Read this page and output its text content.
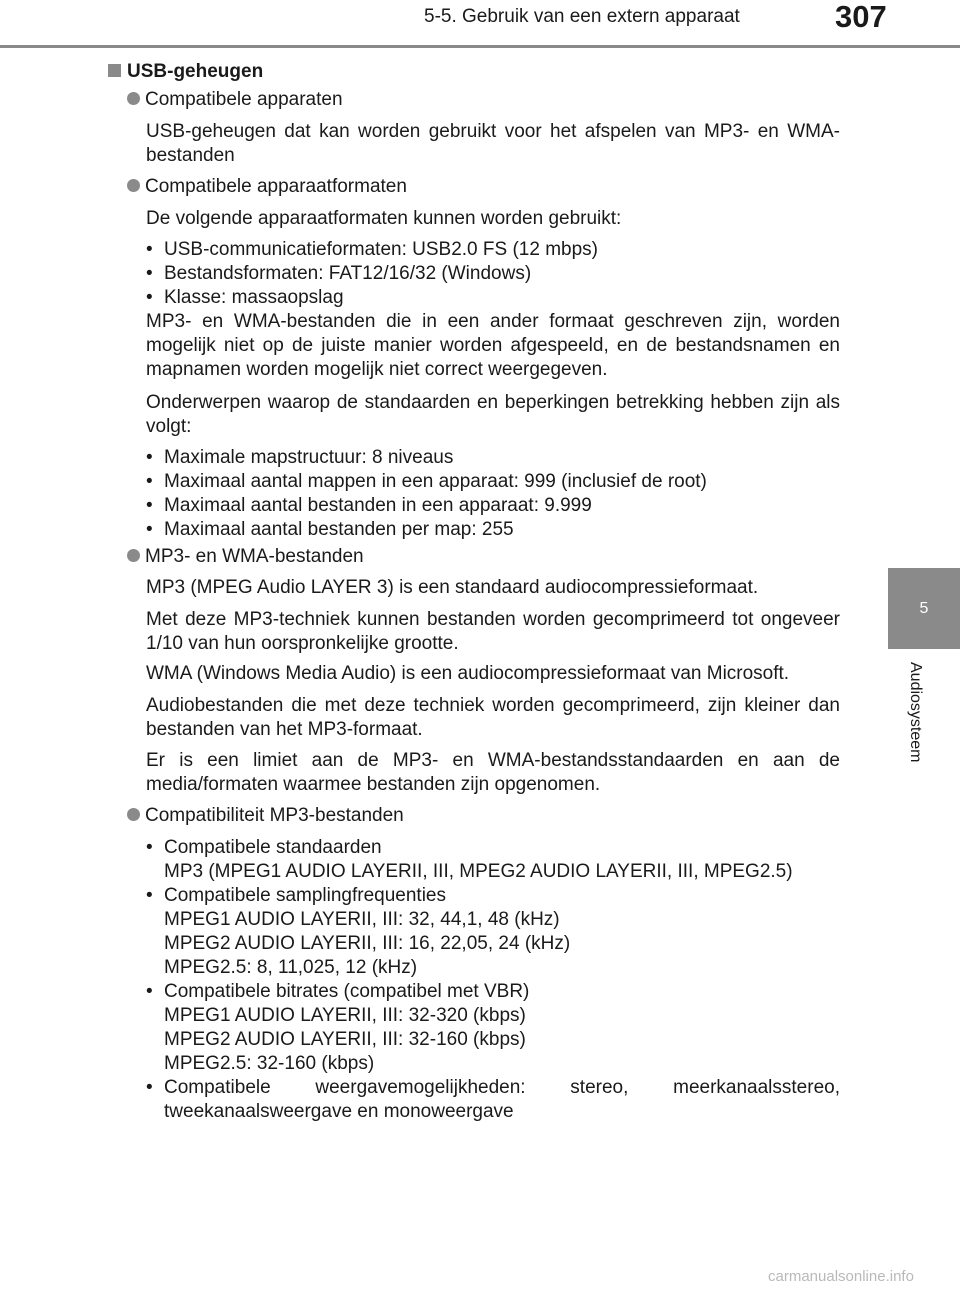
5-5. Gebruik van een extern apparaat	307
5
Audiosysteem
USB-geheugen
Compatibele apparaten
USB-geheugen dat kan worden gebruikt voor het afspelen van MP3- en WMA-bestanden
Compatibele apparaatformaten
De volgende apparaatformaten kunnen worden gebruikt:
• USB-communicatieformaten: USB2.0 FS (12 mbps)
• Bestandsformaten: FAT12/16/32 (Windows)
• Klasse: massaopslag
MP3- en WMA-bestanden die in een ander formaat geschreven zijn, worden mogelijk niet op de juiste manier worden afgespeeld, en de bestandsnamen en mapnamen worden mogelijk niet correct weergegeven.
Onderwerpen waarop de standaarden en beperkingen betrekking hebben zijn als volgt:
• Maximale mapstructuur: 8 niveaus
• Maximaal aantal mappen in een apparaat: 999 (inclusief de root)
• Maximaal aantal bestanden in een apparaat: 9.999
• Maximaal aantal bestanden per map: 255
MP3- en WMA-bestanden
MP3 (MPEG Audio LAYER 3) is een standaard audiocompressieformaat.
Met deze MP3-techniek kunnen bestanden worden gecomprimeerd tot ongeveer 1/10 van hun oorspronkelijke grootte.
WMA (Windows Media Audio) is een audiocompressieformaat van Microsoft.
Audiobestanden die met deze techniek worden gecomprimeerd, zijn kleiner dan bestanden van het MP3-formaat.
Er is een limiet aan de MP3- en WMA-bestandsstandaarden en aan de media/formaten waarmee bestanden zijn opgenomen.
Compatibiliteit MP3-bestanden
• Compatibele standaarden
MP3 (MPEG1 AUDIO LAYERII, III, MPEG2 AUDIO LAYERII, III, MPEG2.5)
• Compatibele samplingfrequenties
MPEG1 AUDIO LAYERII, III: 32, 44,1, 48 (kHz)
MPEG2 AUDIO LAYERII, III: 16, 22,05, 24 (kHz)
MPEG2.5: 8, 11,025, 12 (kHz)
• Compatibele bitrates (compatibel met VBR)
MPEG1 AUDIO LAYERII, III: 32-320 (kbps)
MPEG2 AUDIO LAYERII, III: 32-160 (kbps)
MPEG2.5: 32-160 (kbps)
• Compatibele weergavemogelijkheden: stereo, meerkanaalsstereo,
tweekanaalsweergave en monoweergave
carmanualsonline.info
